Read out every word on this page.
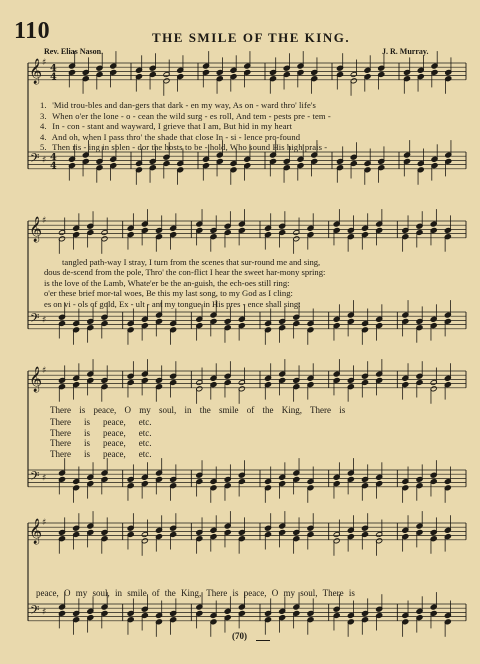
𝄞
𝄢
♯
♯
4
4
4
4
𝄞
𝄢
♯
♯
𝄞
𝄢
♯
♯
𝄞
𝄢
♯
♯
110	THE SMILE OF THE KING.
Rev. Elias Nason.	J. R. Murray.
1. 'Mid trou-bles and dan-gers that dark - en my way, As on - ward thro' life's
3. When o'er the lone - o - cean the wild surg - es roll, And tem - pests pre - tem -
4. In - con - stant and wayward, I grieve that I am, But hid in my heart
4. And oh, when I pass thro' the shade that close In - si - lence pro-found
5. Then ris - ing in splen - dor the hosts to be - hold, Who sound His high prais -
tangled path-way I stray, I turn from the scenes that sur-round me and sing,
dous de-scend from the pole, Thro' the con-flict I hear the sweet har-mony spring:
is the love of the Lamb, Whate'er be the an-guish, the ech-oes still ring:
o'er these brief mor-tal woes, Be this my last song, to my God as I cling:
es on vi - ols of gold, Ex - ult - ant my tongue in His pres - ence shall sing:
There is peace, O my soul, in the smile of the King, There is
There    is    peace,    etc.
There    is    peace,    etc.
There    is    peace,    etc.
There    is    peace,    etc.
peace, O my soul, in smile of the King, There is peace, O my soul, There is
(70)
